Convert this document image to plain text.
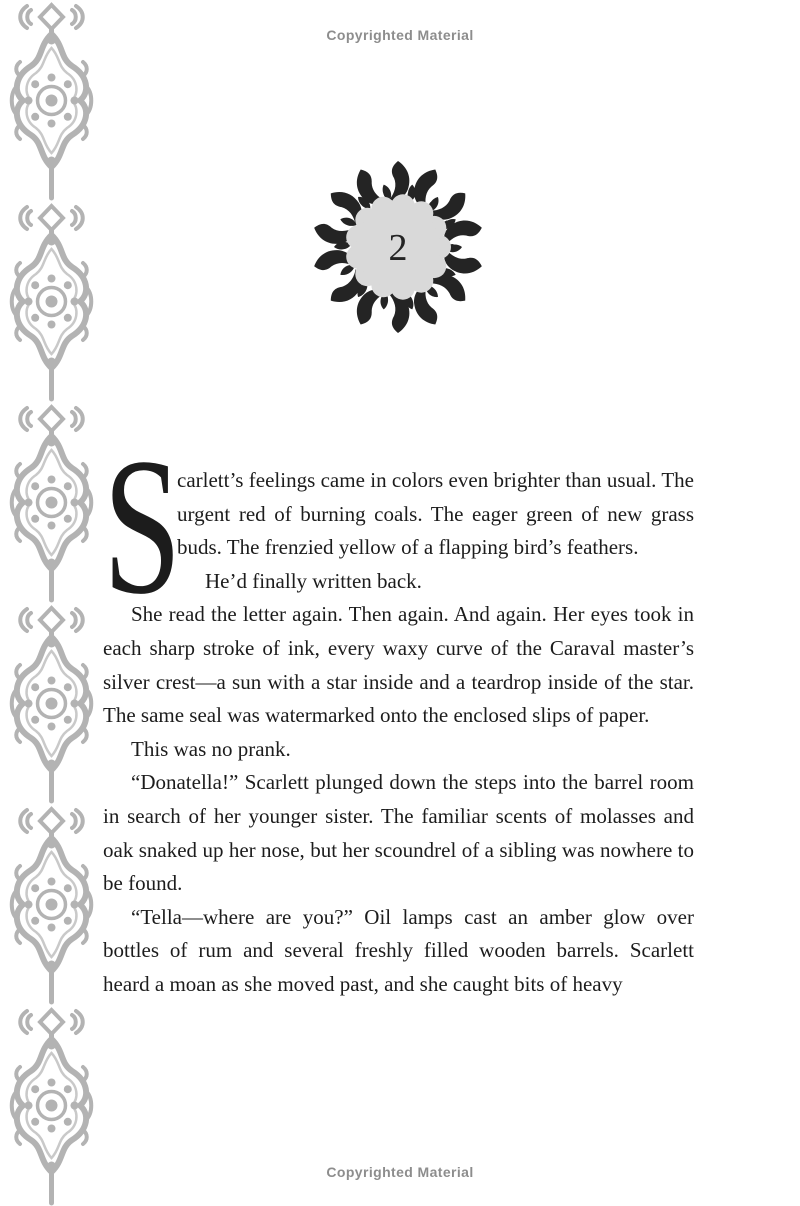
Copyrighted Material
2

S
carlett’s feelings came in colors even brighter than usual. The urgent red of burning coals. The eager green of new grass buds. The frenzied yellow of a flapping bird’s feathers.

He’d finally written back.

She read the letter again. Then again. And again. Her eyes took in each sharp stroke of ink, every waxy curve of the Caraval master’s silver crest—a sun with a star inside and a teardrop inside of the star. The same seal was watermarked onto the enclosed slips of paper.

This was no prank.

“Donatella!” Scarlett plunged down the steps into the barrel room in search of her younger sister. The familiar scents of molasses and oak snaked up her nose, but her scoundrel of a sibling was nowhere to be found.

“Tella—where are you?” Oil lamps cast an amber glow over bottles of rum and several freshly filled wooden barrels. Scarlett heard a moan as she moved past, and she caught bits of heavy

Copyrighted Material
